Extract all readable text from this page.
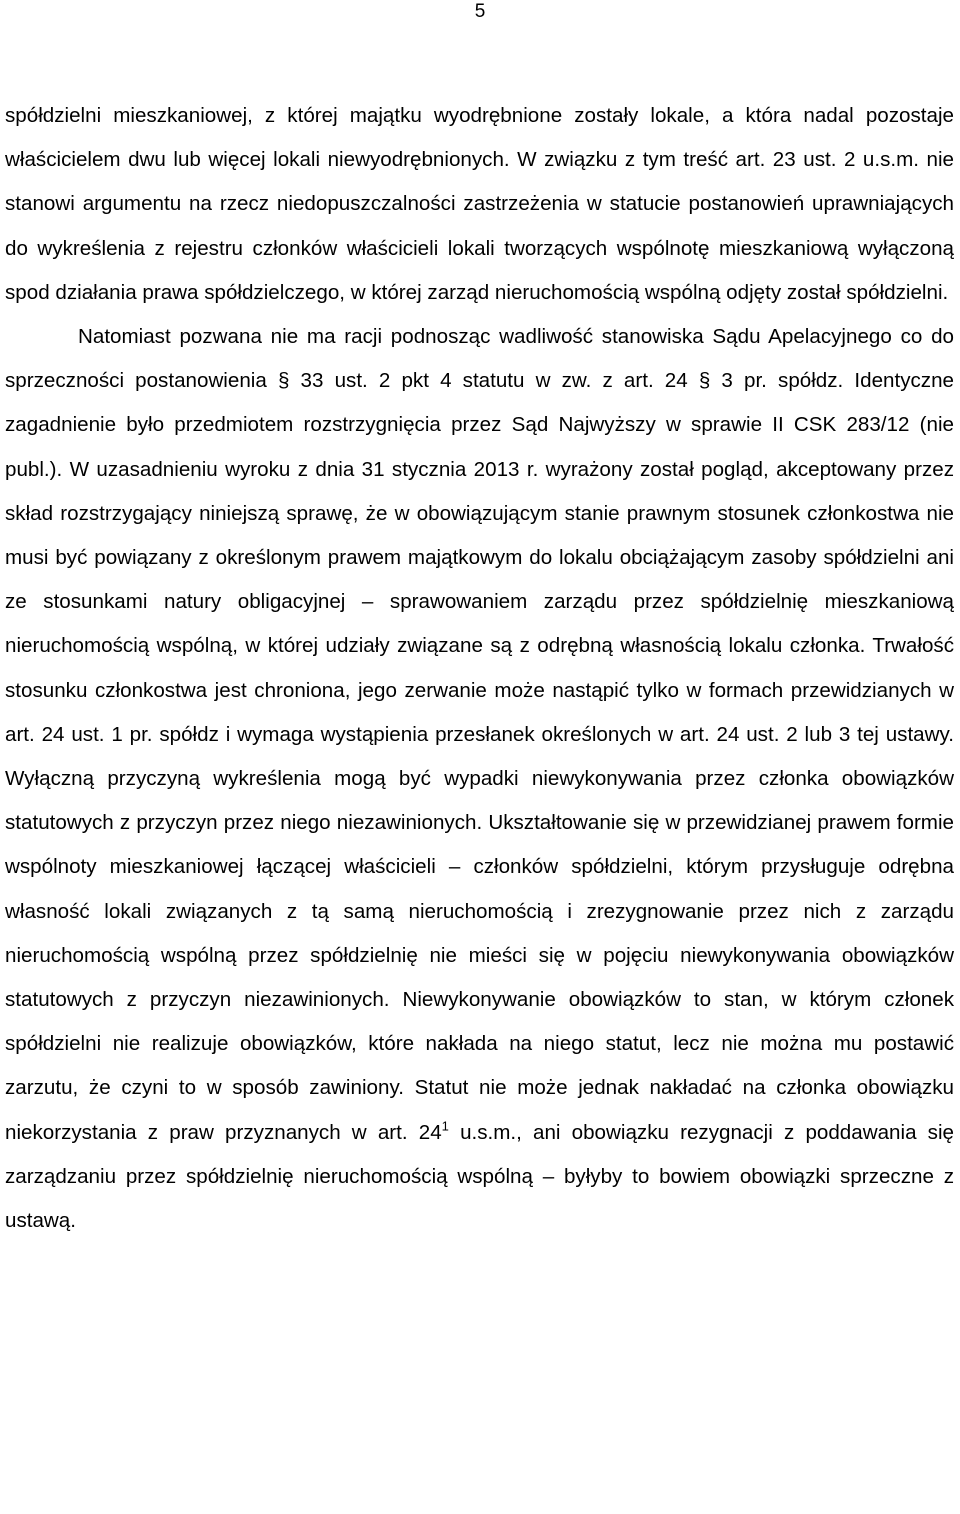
5

spółdzielni mieszkaniowej, z której majątku wyodrębnione zostały lokale, a która nadal pozostaje właścicielem dwu lub więcej lokali niewyodrębnionych. W związku z tym treść art. 23 ust. 2 u.s.m. nie stanowi argumentu na rzecz niedopuszczalności zastrzeżenia w statucie postanowień uprawniających do wykreślenia z rejestru członków właścicieli lokali tworzących wspólnotę mieszkaniową wyłączoną spod działania prawa spółdzielczego, w której zarząd nieruchomością wspólną odjęty został spółdzielni.

Natomiast pozwana nie ma racji podnosząc wadliwość stanowiska Sądu Apelacyjnego co do sprzeczności postanowienia § 33 ust. 2 pkt 4 statutu w zw. z art. 24 § 3 pr. spółdz. Identyczne zagadnienie było przedmiotem rozstrzygnięcia przez Sąd Najwyższy w sprawie II CSK 283/12 (nie publ.). W uzasadnieniu wyroku z dnia 31 stycznia 2013 r. wyrażony został pogląd, akceptowany przez skład rozstrzygający niniejszą sprawę, że w obowiązującym stanie prawnym stosunek członkostwa nie musi być powiązany z określonym prawem majątkowym do lokalu obciążającym zasoby spółdzielni ani ze stosunkami natury obligacyjnej – sprawowaniem zarządu przez spółdzielnię mieszkaniową nieruchomością wspólną, w której udziały związane są z odrębną własnością lokalu członka. Trwałość stosunku członkostwa jest chroniona, jego zerwanie może nastąpić tylko w formach przewidzianych w art. 24 ust. 1 pr. spółdz i wymaga wystąpienia przesłanek określonych w art. 24 ust. 2 lub 3 tej ustawy. Wyłączną przyczyną wykreślenia mogą być wypadki niewykonywania przez członka obowiązków statutowych z przyczyn przez niego niezawinionych. Ukształtowanie się w przewidzianej prawem formie wspólnoty mieszkaniowej łączącej właścicieli – członków spółdzielni, którym przysługuje odrębna własność lokali związanych z tą samą nieruchomością i zrezygnowanie przez nich z zarządu nieruchomością wspólną przez spółdzielnię nie mieści się w pojęciu niewykonywania obowiązków statutowych z przyczyn niezawinionych. Niewykonywanie obowiązków to stan, w którym członek spółdzielni nie realizuje obowiązków, które nakłada na niego statut, lecz nie można mu postawić zarzutu, że czyni to w sposób zawiniony. Statut nie może jednak nakładać na członka obowiązku niekorzystania z praw przyznanych w art. $24^1$ u.s.m., ani obowiązku rezygnacji z poddawania się zarządzaniu przez spółdzielnię nieruchomością wspólną – byłyby to bowiem obowiązki sprzeczne z ustawą.
